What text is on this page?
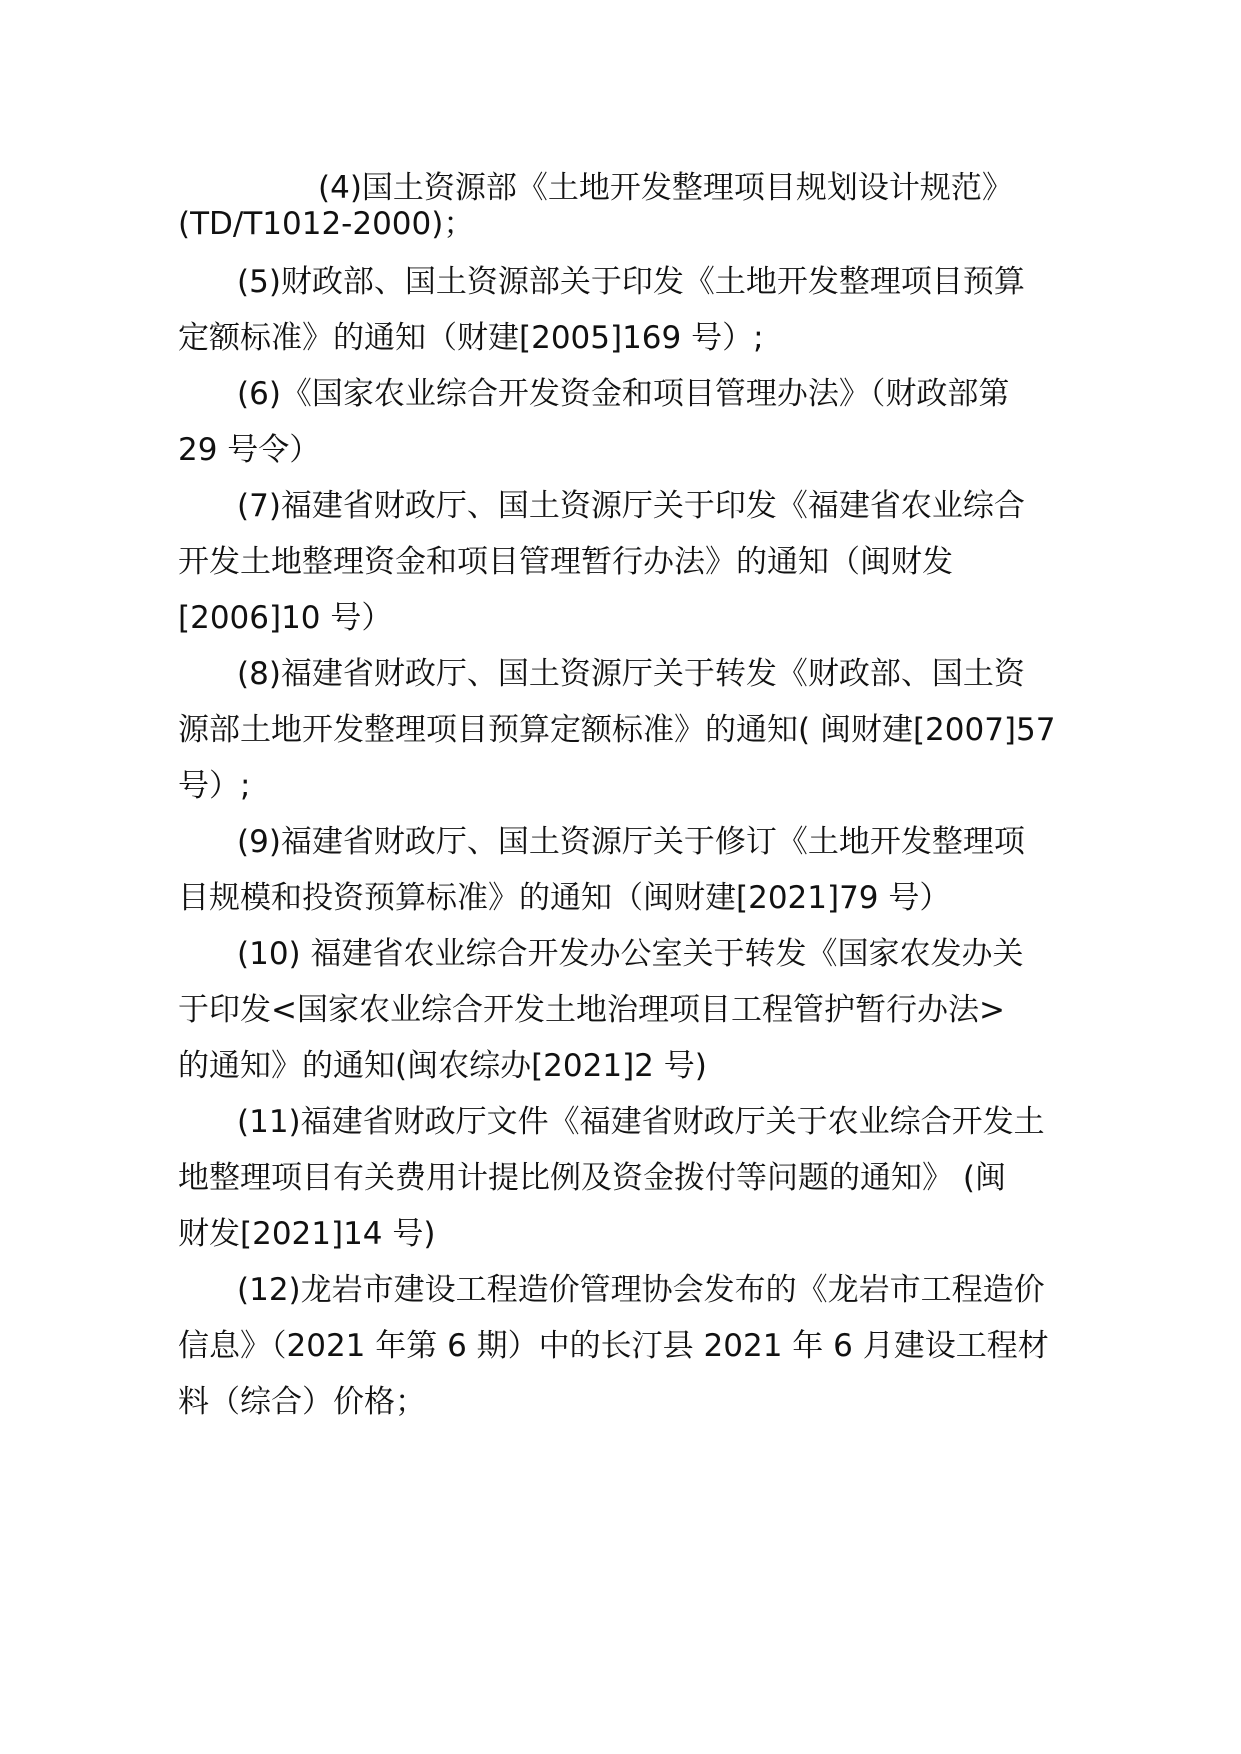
(4)国土资源部《土地开发整理项目规划设计规范》
(TD/T1012-2000)；
(5)财政部、国土资源部关于印发《土地开发整理项目预算
定额标准》的通知（财建[2005]169 号）;
(6)《国家农业综合开发资金和项目管理办法》（财政部第
29 号令）
(7)福建省财政厅、国土资源厅关于印发《福建省农业综合
开发土地整理资金和项目管理暂行办法》的通知（闽财发
[2006]10 号）
(8)福建省财政厅、国土资源厅关于转发《财政部、国土资
源部土地开发整理项目预算定额标准》的通知( 闽财建[2007]57
号）;
(9)福建省财政厅、国土资源厅关于修订《土地开发整理项
目规模和投资预算标准》的通知（闽财建[2021]79 号）
(10) 福建省农业综合开发办公室关于转发《国家农发办关
于印发<国家农业综合开发土地治理项目工程管护暂行办法>
的通知》的通知(闽农综办[2021]2 号)
(11)福建省财政厅文件《福建省财政厅关于农业综合开发土
地整理项目有关费用计提比例及资金拨付等问题的通知》 (闽
财发[2021]14 号)
(12)龙岩市建设工程造价管理协会发布的《龙岩市工程造价
信息》（2021 年第 6 期）中的长汀县 2021 年 6 月建设工程材
料（综合）价格；
